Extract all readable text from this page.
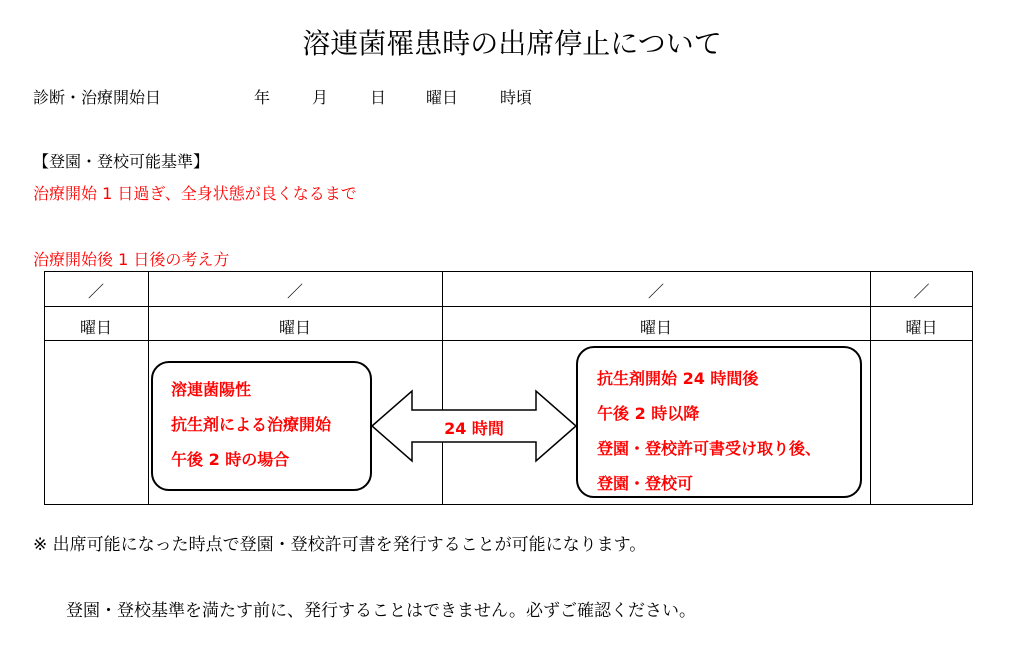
溶連菌罹患時の出席停止について
診断・治療開始日	年	月	日 曜日	時頃
【登園・登校可能基準】
治療開始 1 日過ぎ、全身状態が良くなるまで
治療開始後 1 日後の考え方
／	／	／	／
曜日	曜日	曜日	曜日
溶連菌陽性
抗生剤による治療開始
午後 2 時の場合
24 時間
抗生剤開始 24 時間後
午後 2 時以降
登園・登校許可書受け取り後、
登園・登校可
※ 出席可能になった時点で登園・登校許可書を発行することが可能になります。
登園・登校基準を満たす前に、発行することはできません。必ずご確認ください。
